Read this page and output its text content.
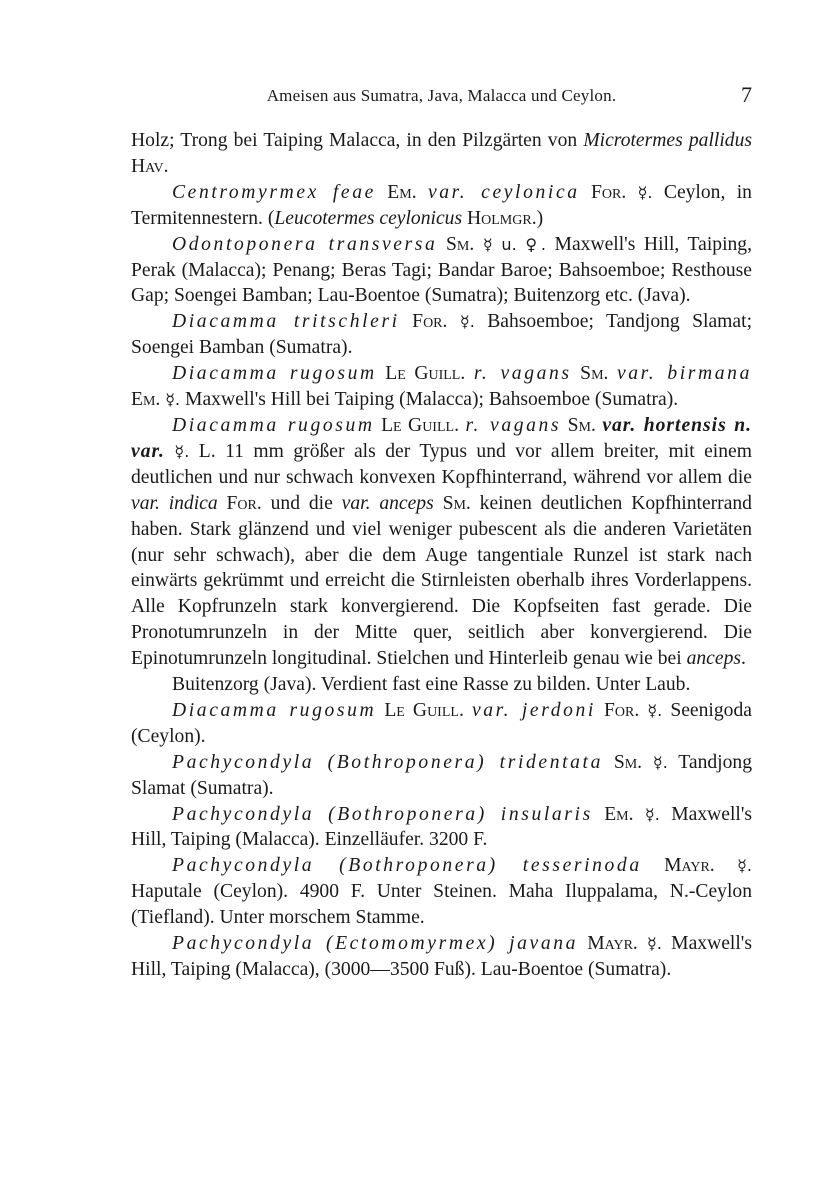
Ameisen aus Sumatra, Java, Malacca und Ceylon.	7

Holz; Trong bei Taiping Malacca, in den Pilzgärten von Microtermes pallidus Hav.

Centromyrmex feae Em. var. ceylonica For. ☿. Ceylon, in Termitennestern. (Leucotermes ceylonicus Holmgr.)

Odontoponera transversa Sm. ☿ u. ♀. Maxwell's Hill, Taiping, Perak (Malacca); Penang; Beras Tagi; Bandar Baroe; Bahsoemboe; Resthouse Gap; Soengei Bamban; Lau-Boentoe (Sumatra); Buitenzorg etc. (Java).

Diacamma tritschleri For. ☿. Bahsoemboe; Tandjong Slamat; Soengei Bamban (Sumatra).

Diacamma rugosum Le Guill. r. vagans Sm. var. birmana Em. ☿. Maxwell's Hill bei Taiping (Malacca); Bahsoemboe (Sumatra).

Diacamma rugosum Le Guill. r. vagans Sm. var. hortensis n. var. ☿. L. 11 mm größer als der Typus und vor allem breiter, mit einem deutlichen und nur schwach konvexen Kopfhinterrand, während vor allem die var. indica For. und die var. anceps Sm. keinen deutlichen Kopfhinterrand haben. Stark glänzend und viel weniger pubescent als die anderen Varietäten (nur sehr schwach), aber die dem Auge tangentiale Runzel ist stark nach einwärts gekrümmt und erreicht die Stirnleisten oberhalb ihres Vorderlappens. Alle Kopfrunzeln stark konvergierend. Die Kopfseiten fast gerade. Die Pronotumrunzeln in der Mitte quer, seitlich aber konvergierend. Die Epinotumrunzeln longitudinal. Stielchen und Hinterleib genau wie bei anceps.

Buitenzorg (Java). Verdient fast eine Rasse zu bilden. Unter Laub.

Diacamma rugosum Le Guill. var. jerdoni For. ☿. Seenigoda (Ceylon).

Pachycondyla (Bothroponera) tridentata Sm. ☿. Tandjong Slamat (Sumatra).

Pachycondyla (Bothroponera) insularis Em. ☿. Maxwell's Hill, Taiping (Malacca). Einzelläufer. 3200 F.

Pachycondyla (Bothroponera) tesserinoda Mayr. ☿. Haputale (Ceylon). 4900 F. Unter Steinen. Maha Iluppalama, N.-Ceylon (Tiefland). Unter morschem Stamme.

Pachycondyla (Ectomomyrmex) javana Mayr. ☿. Maxwell's Hill, Taiping (Malacca), (3000—3500 Fuß). Lau-Boentoe (Sumatra).
